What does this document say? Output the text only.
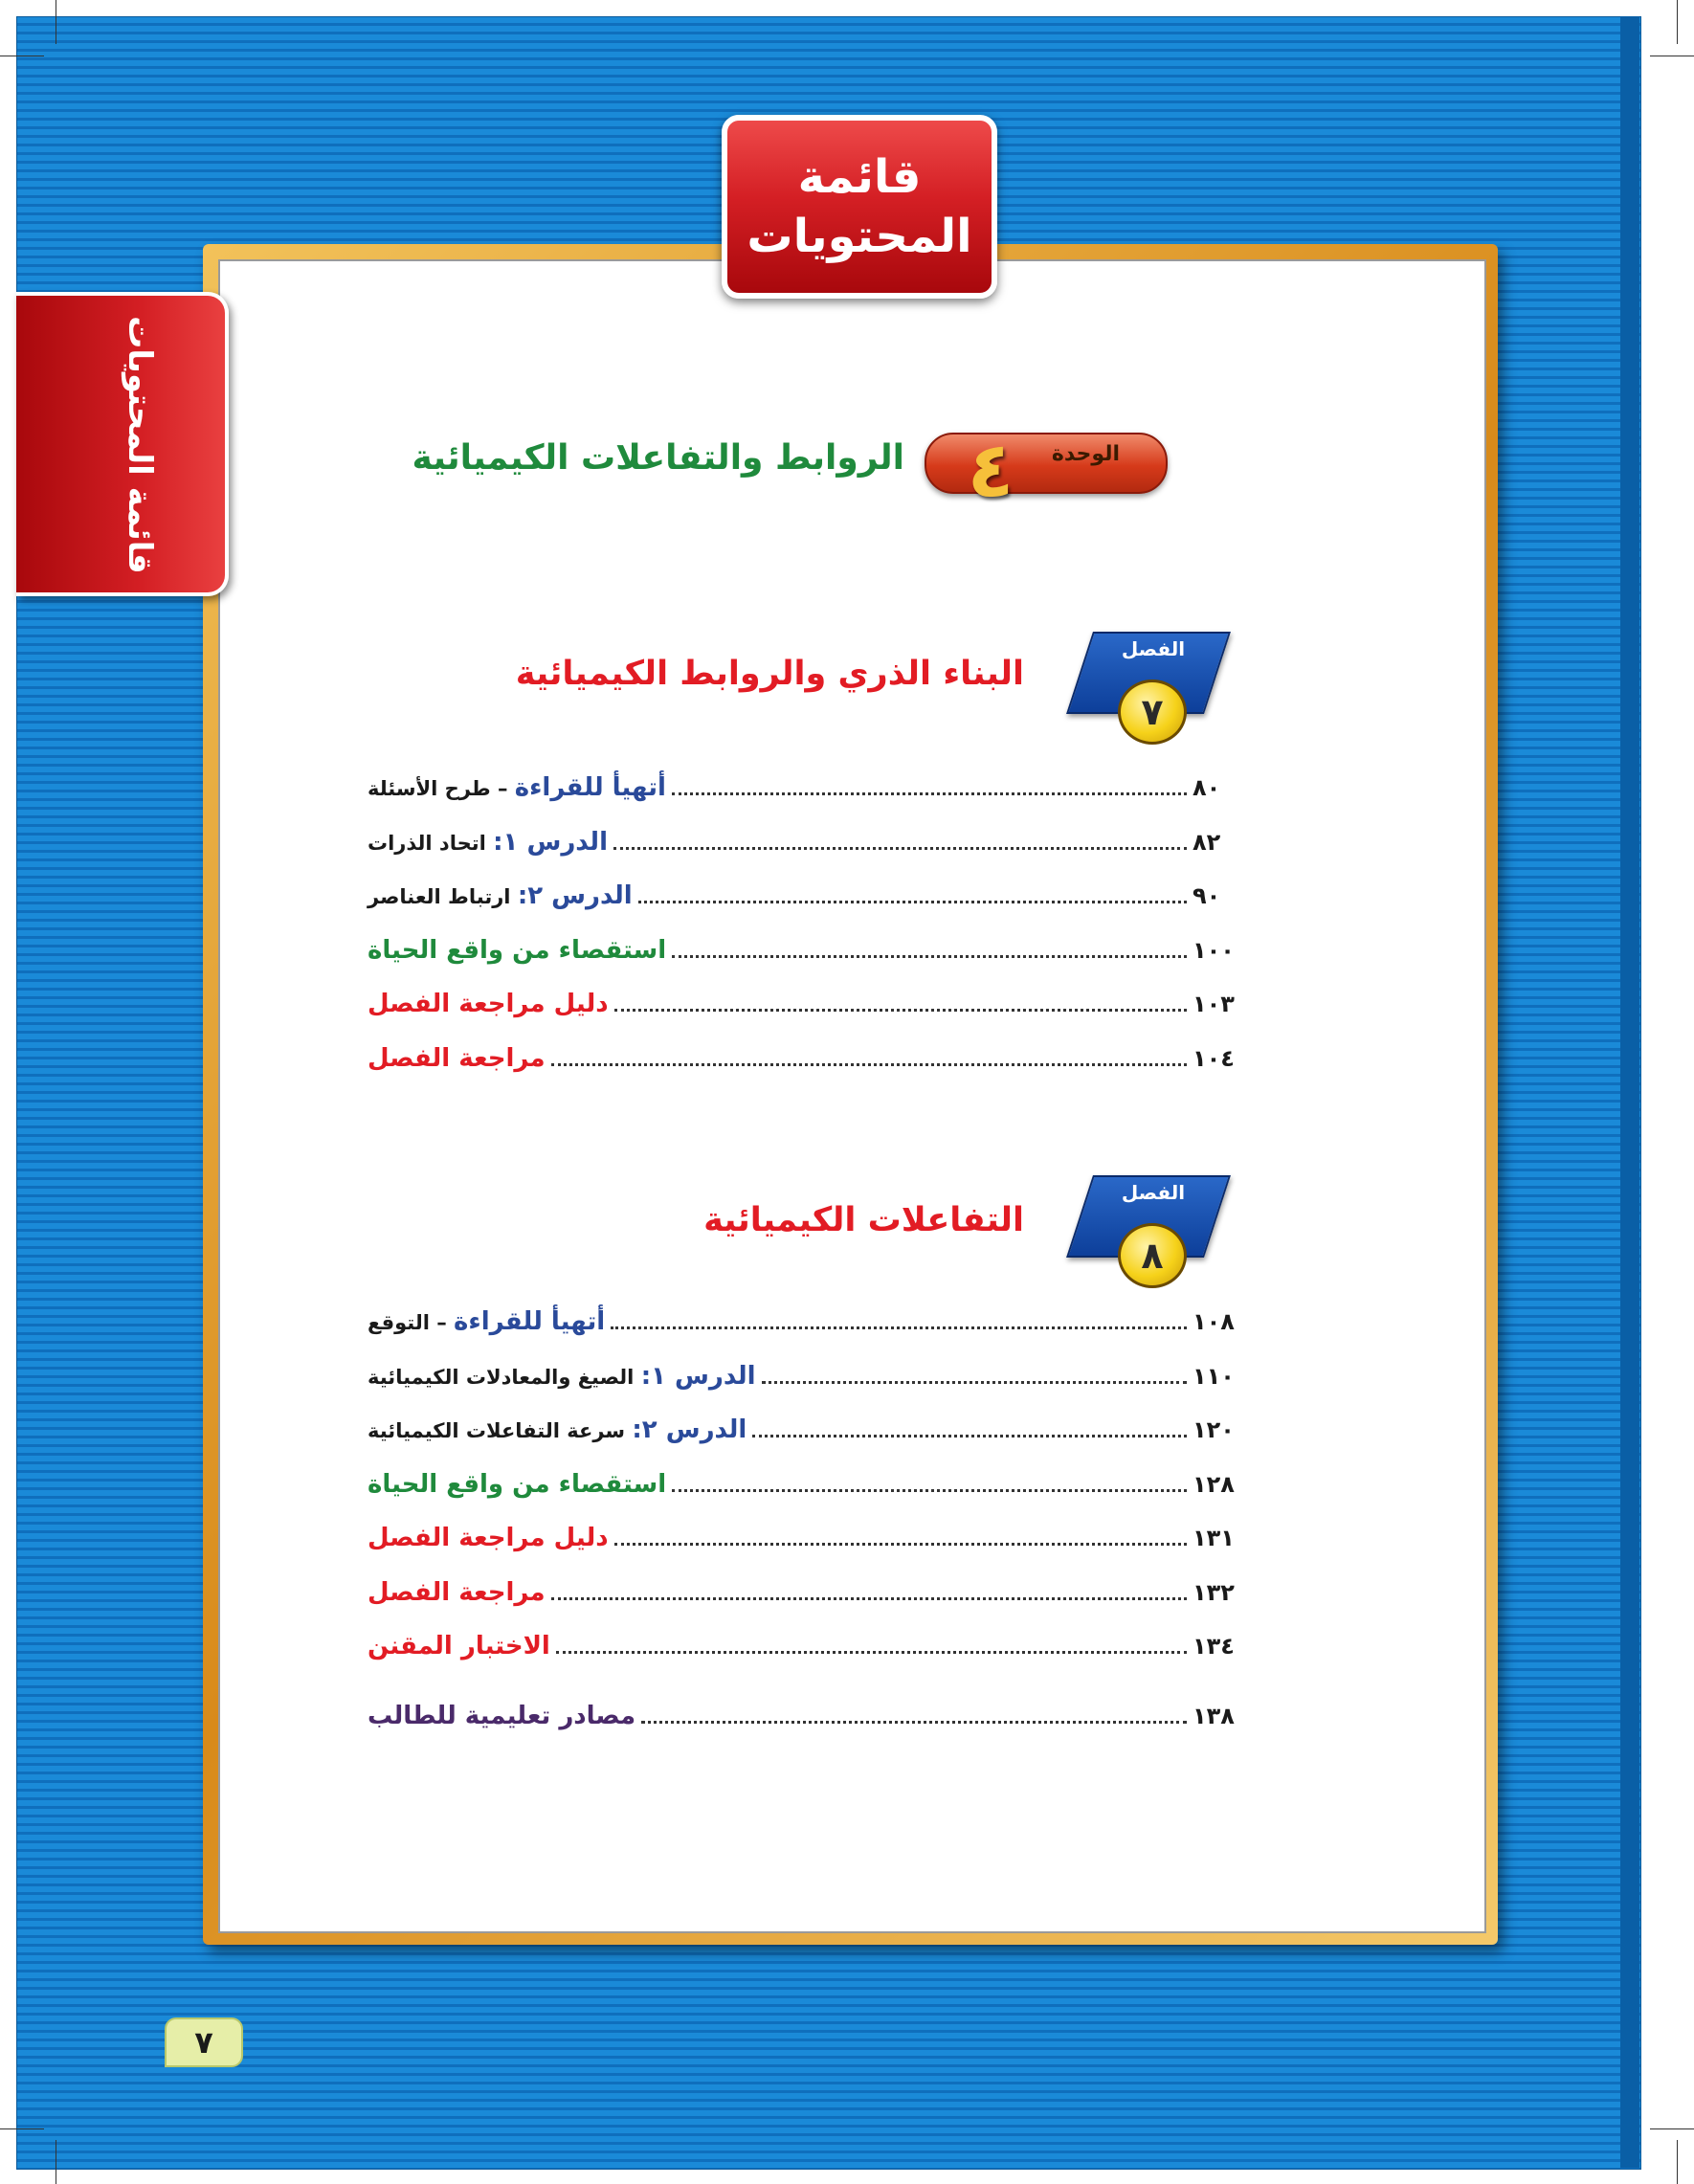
قائمة
المحتويات
قائمة المحتويات	الوحدة
٤
الروابط والتفاعلات الكيميائية
الفصل
٧
البناء الذري والروابط الكيميائية
أتهيأ للقراءة – طرح الأسئلة	٨٠
الدرس ١: اتحاد الذرات	٨٢
الدرس ٢: ارتباط العناصر	٩٠
استقصاء من واقع الحياة	١٠٠
دليل مراجعة الفصل	١٠٣
مراجعة الفصل	١٠٤
الفصل
٨
التفاعلات الكيميائية
أتهيأ للقراءة – التوقع	١٠٨
الدرس ١: الصيغ والمعادلات الكيميائية	١١٠
الدرس ٢: سرعة التفاعلات الكيميائية	١٢٠
استقصاء من واقع الحياة	١٢٨
دليل مراجعة الفصل	١٣١
مراجعة الفصل	١٣٢
الاختبار المقنن	١٣٤
مصادر تعليمية للطالب	١٣٨
٧
